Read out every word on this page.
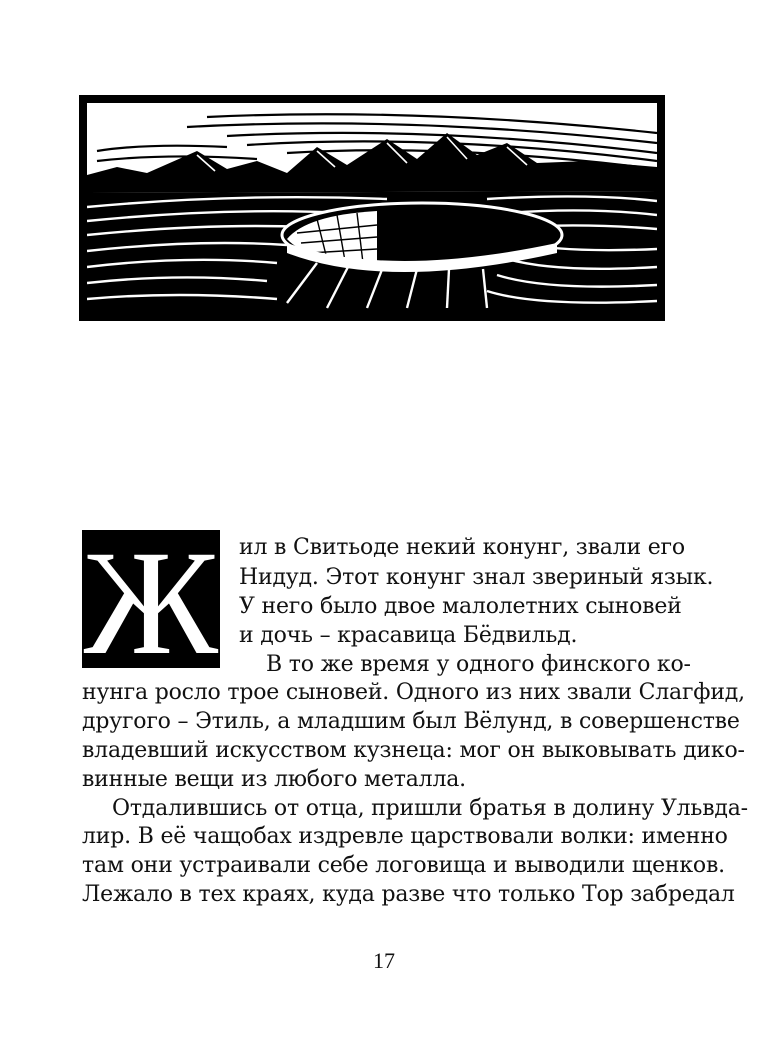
Ж ил в Свитьоде некий конунг, звали его
Нидуд. Этот конунг знал звериный язык.
У него было двое малолетних сыновей
и дочь – красавица Бёдвильд.
В то же время у одного финского ко-
нунга росло трое сыновей. Одного из них звали Слагфид,
другого – Этиль, а младшим был Вёлунд, в совершенстве
владевший искусством кузнеца: мог он выковывать дико-
винные вещи из любого металла.
Отдалившись от отца, пришли братья в долину Ульвда-
лир. В её чащобах издревле царствовали волки: именно
там они устраивали себе логовища и выводили щенков.
Лежало в тех краях, куда разве что только Тор забредал
17
